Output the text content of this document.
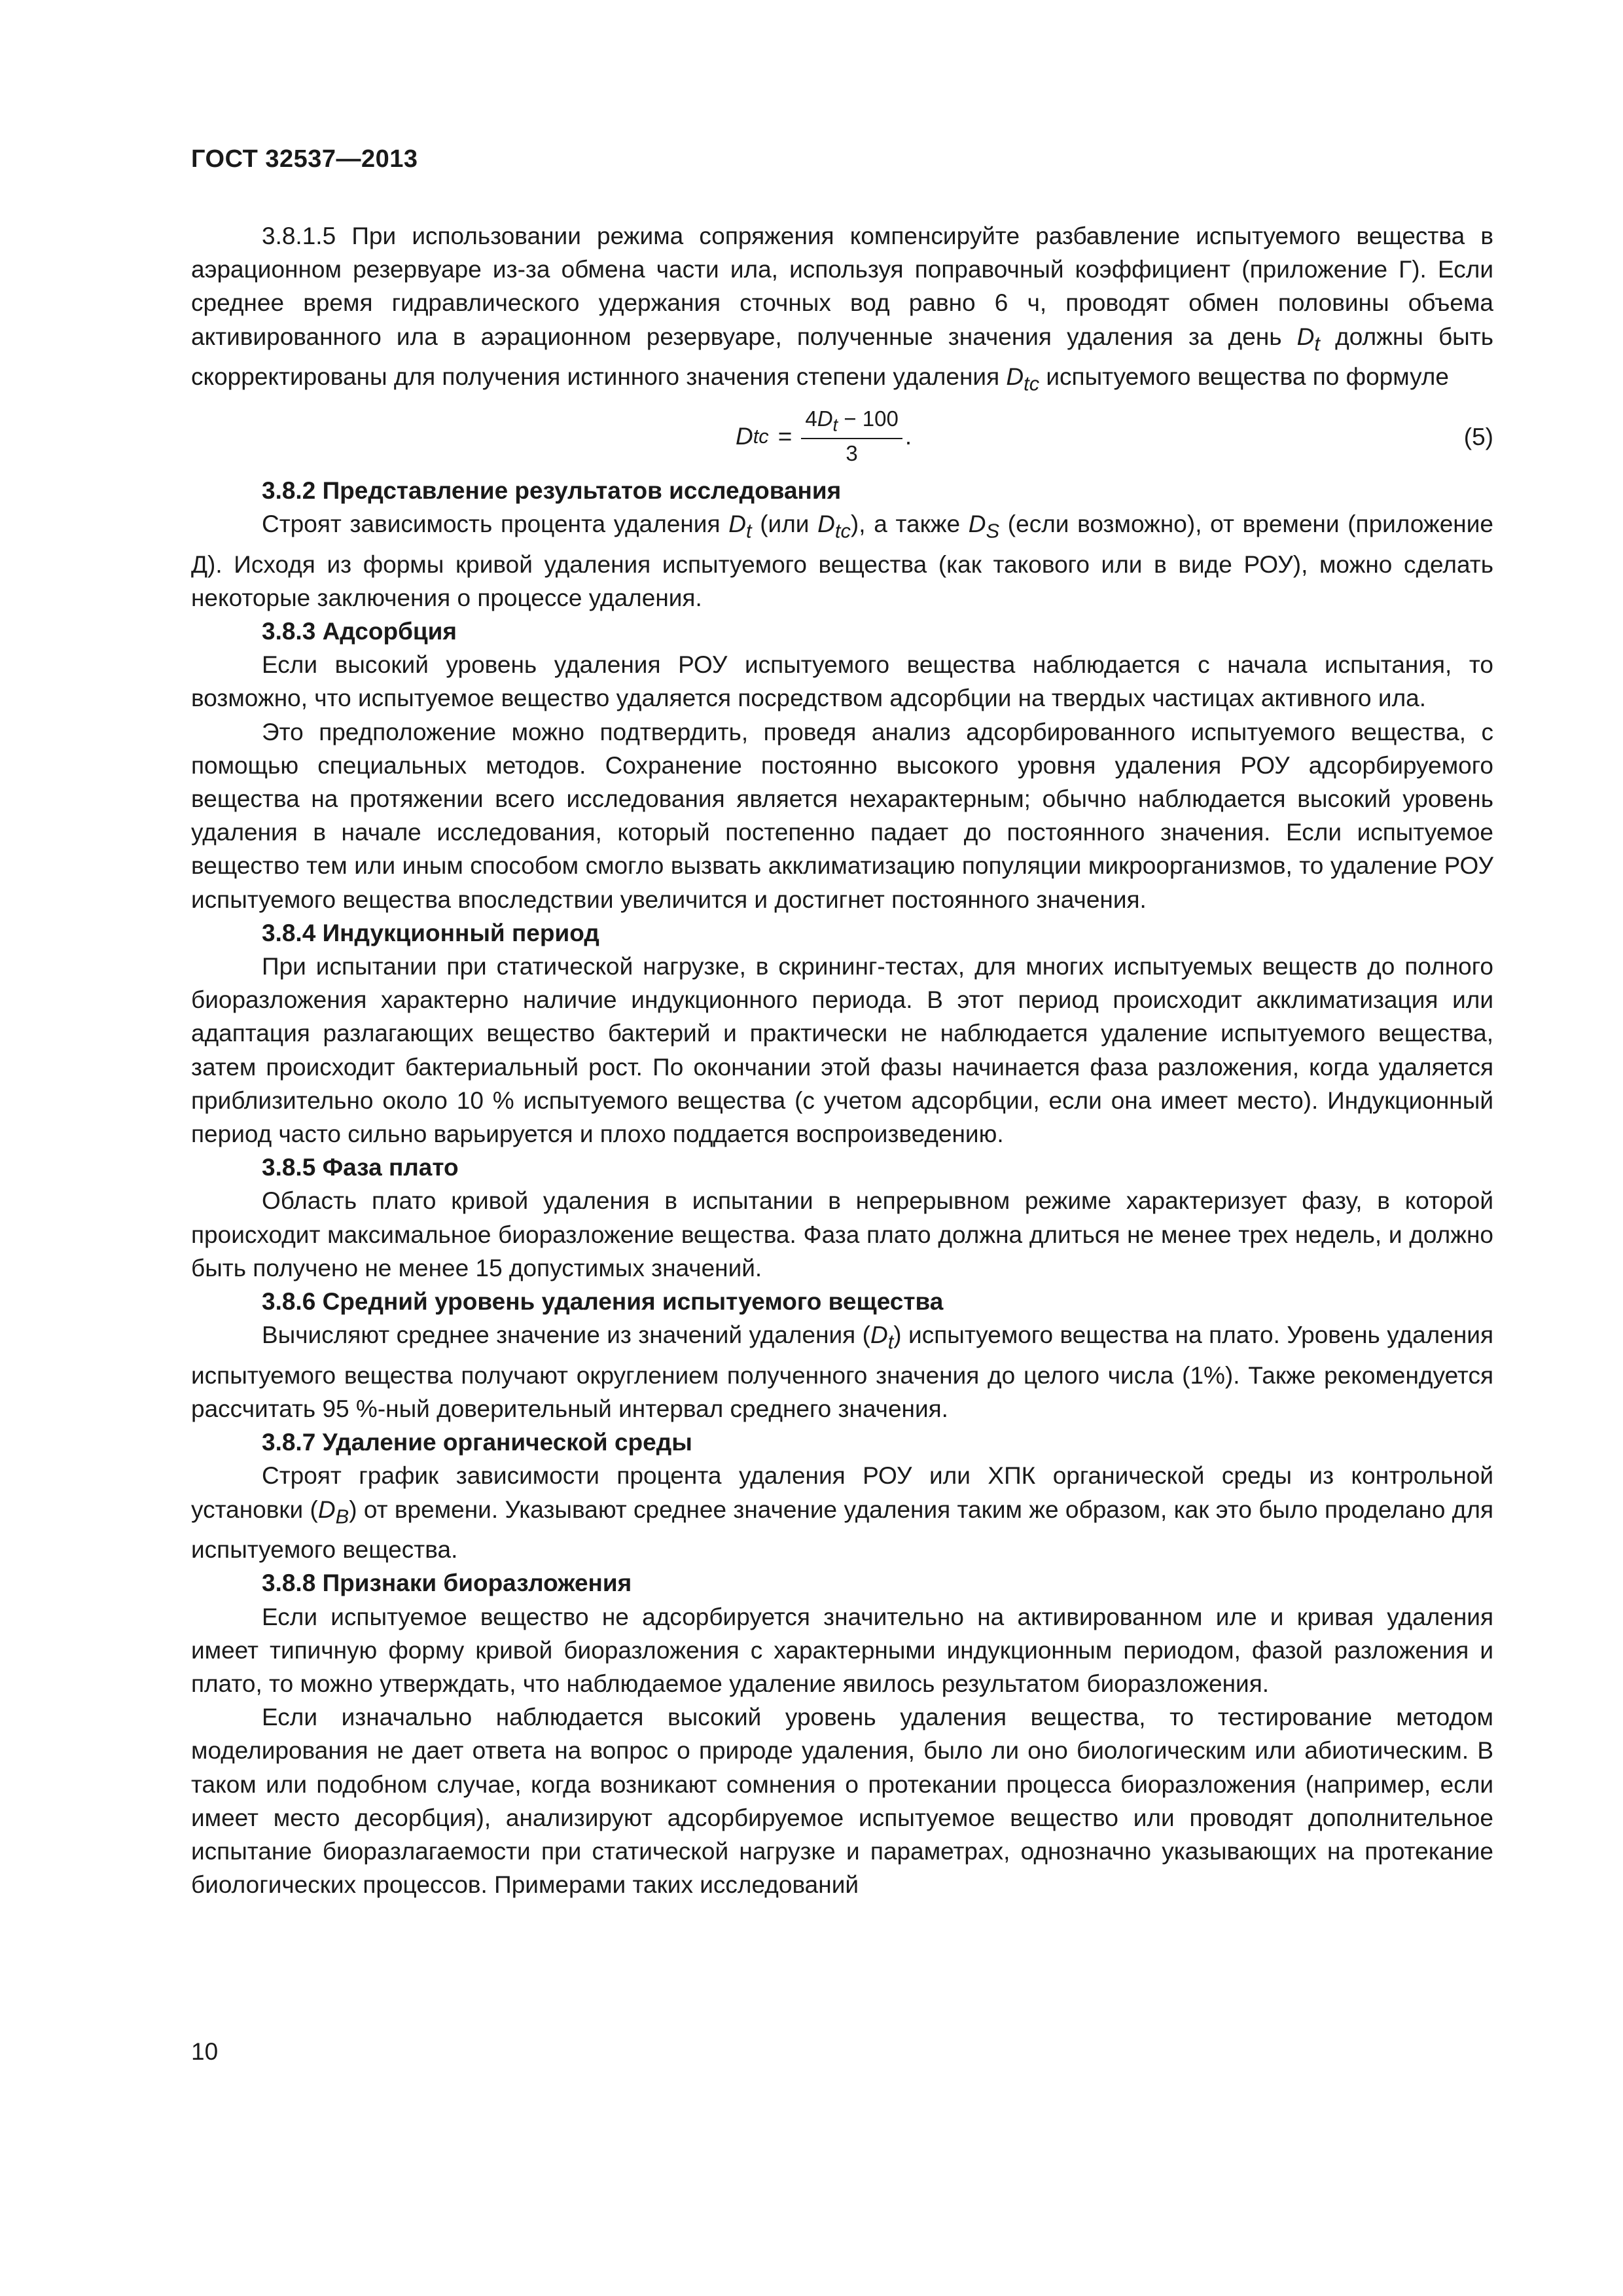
ГОСТ 32537—2013

3.8.1.5 При использовании режима сопряжения компенсируйте разбавление испытуемого вещества в аэрационном резервуаре из-за обмена части ила, используя поправочный коэффициент (приложение Г). Если среднее время гидравлического удержания сточных вод равно 6 ч, проводят обмен половины объема активированного ила в аэрационном резервуаре, полученные значения удаления за день $D_t$ должны быть скорректированы для получения истинного значения степени удаления $D_{tc}$ испытуемого вещества по формуле

D tc = $\frac{4D_t - 100}{3}$ .	(5)

3.8.2 Представление результатов исследования

Строят зависимость процента удаления $D_t$ (или $D_{tc}$), а также $D_S$ (если возможно), от времени (приложение Д). Исходя из формы кривой удаления испытуемого вещества (как такового или в виде РОУ), можно сделать некоторые заключения о процессе удаления.

3.8.3 Адсорбция

Если высокий уровень удаления РОУ испытуемого вещества наблюдается с начала испытания, то возможно, что испытуемое вещество удаляется посредством адсорбции на твердых частицах активного ила.

Это предположение можно подтвердить, проведя анализ адсорбированного испытуемого вещества, с помощью специальных методов. Сохранение постоянно высокого уровня удаления РОУ адсорбируемого вещества на протяжении всего исследования является нехарактерным; обычно наблюдается высокий уровень удаления в начале исследования, который постепенно падает до постоянного значения. Если испытуемое вещество тем или иным способом смогло вызвать акклиматизацию популяции микроорганизмов, то удаление РОУ испытуемого вещества впоследствии увеличится и достигнет постоянного значения.

3.8.4 Индукционный период

При испытании при статической нагрузке, в скрининг-тестах, для многих испытуемых веществ до полного биоразложения характерно наличие индукционного периода. В этот период происходит акклиматизация или адаптация разлагающих вещество бактерий и практически не наблюдается удаление испытуемого вещества, затем происходит бактериальный рост. По окончании этой фазы начинается фаза разложения, когда удаляется приблизительно около 10 % испытуемого вещества (с учетом адсорбции, если она имеет место). Индукционный период часто сильно варьируется и плохо поддается воспроизведению.

3.8.5 Фаза плато

Область плато кривой удаления в испытании в непрерывном режиме характеризует фазу, в которой происходит максимальное биоразложение вещества. Фаза плато должна длиться не менее трех недель, и должно быть получено не менее 15 допустимых значений.

3.8.6 Средний уровень удаления испытуемого вещества

Вычисляют среднее значение из значений удаления $(D_t)$ испытуемого вещества на плато. Уровень удаления испытуемого вещества получают округлением полученного значения до целого числа (1%). Также рекомендуется рассчитать 95 %-ный доверительный интервал среднего значения.

3.8.7 Удаление органической среды

Строят график зависимости процента удаления РОУ или ХПК органической среды из контрольной установки $(D_B)$ от времени. Указывают среднее значение удаления таким же образом, как это было проделано для испытуемого вещества.

3.8.8 Признаки биоразложения

Если испытуемое вещество не адсорбируется значительно на активированном иле и кривая удаления имеет типичную форму кривой биоразложения с характерными индукционным периодом, фазой разложения и плато, то можно утверждать, что наблюдаемое удаление явилось результатом биоразложения.

Если изначально наблюдается высокий уровень удаления вещества, то тестирование методом моделирования не дает ответа на вопрос о природе удаления, было ли оно биологическим или абиотическим. В таком или подобном случае, когда возникают сомнения о протекании процесса биоразложения (например, если имеет место десорбция), анализируют адсорбируемое испытуемое вещество или проводят дополнительное испытание биоразлагаемости при статической нагрузке и параметрах, однозначно указывающих на протекание биологических процессов. Примерами таких исследований

10
